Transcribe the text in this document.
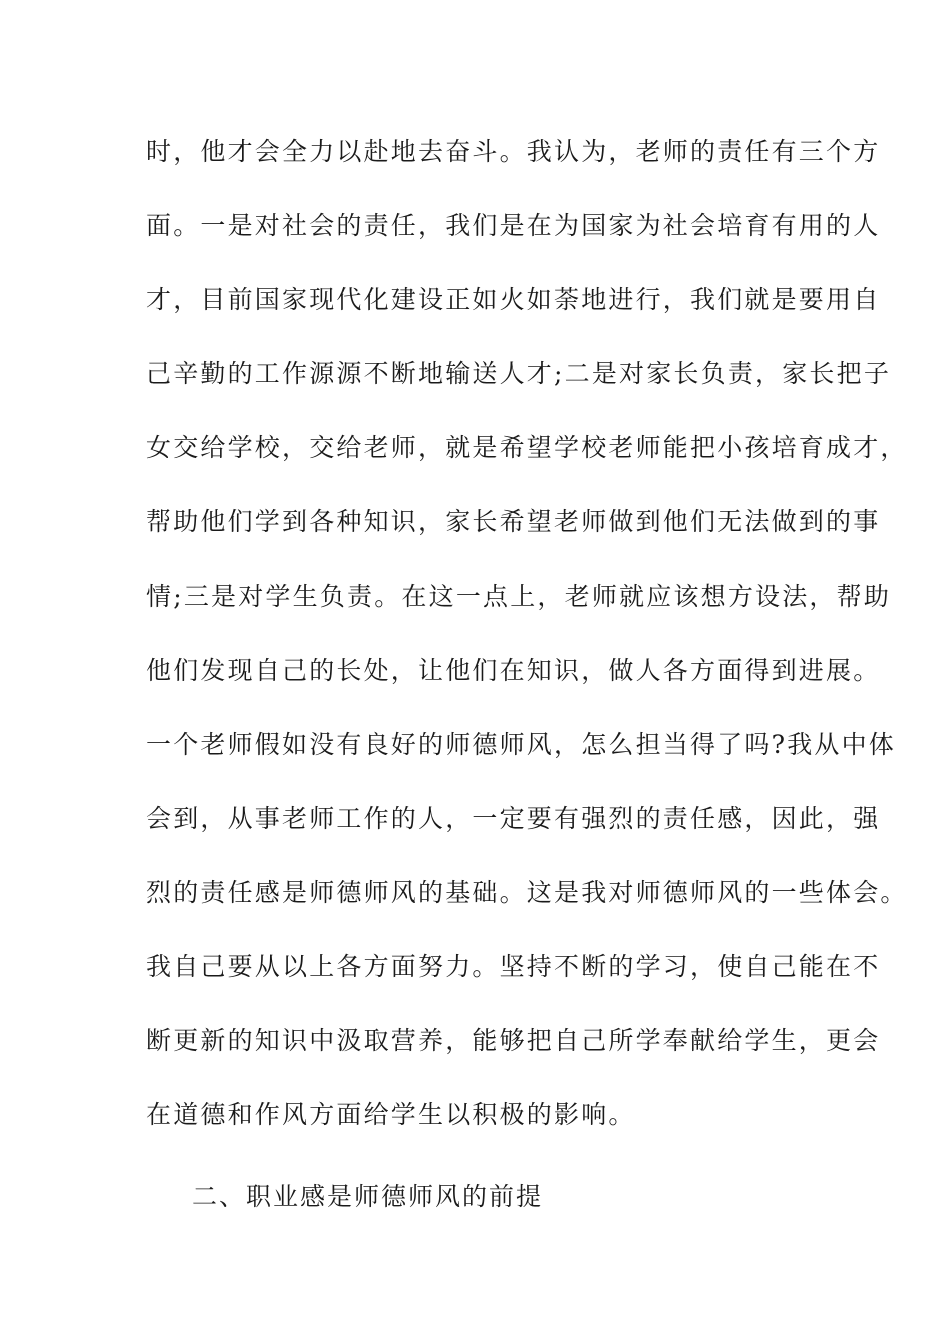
时，他才会全力以赴地去奋斗。我认为，老师的责任有三个方
面。一是对社会的责任，我们是在为国家为社会培育有用的人
才，目前国家现代化建设正如火如荼地进行，我们就是要用自
己辛勤的工作源源不断地输送人才;二是对家长负责，家长把子
女交给学校，交给老师，就是希望学校老师能把小孩培育成才，
帮助他们学到各种知识，家长希望老师做到他们无法做到的事
情;三是对学生负责。在这一点上，老师就应该想方设法，帮助
他们发现自己的长处，让他们在知识，做人各方面得到进展。
一个老师假如没有良好的师德师风，怎么担当得了吗?我从中体
会到，从事老师工作的人，一定要有强烈的责任感，因此，强
烈的责任感是师德师风的基础。这是我对师德师风的一些体会。
我自己要从以上各方面努力。坚持不断的学习，使自己能在不
断更新的知识中汲取营养，能够把自己所学奉献给学生，更会
在道德和作风方面给学生以积极的影响。
二、职业感是师德师风的前提
